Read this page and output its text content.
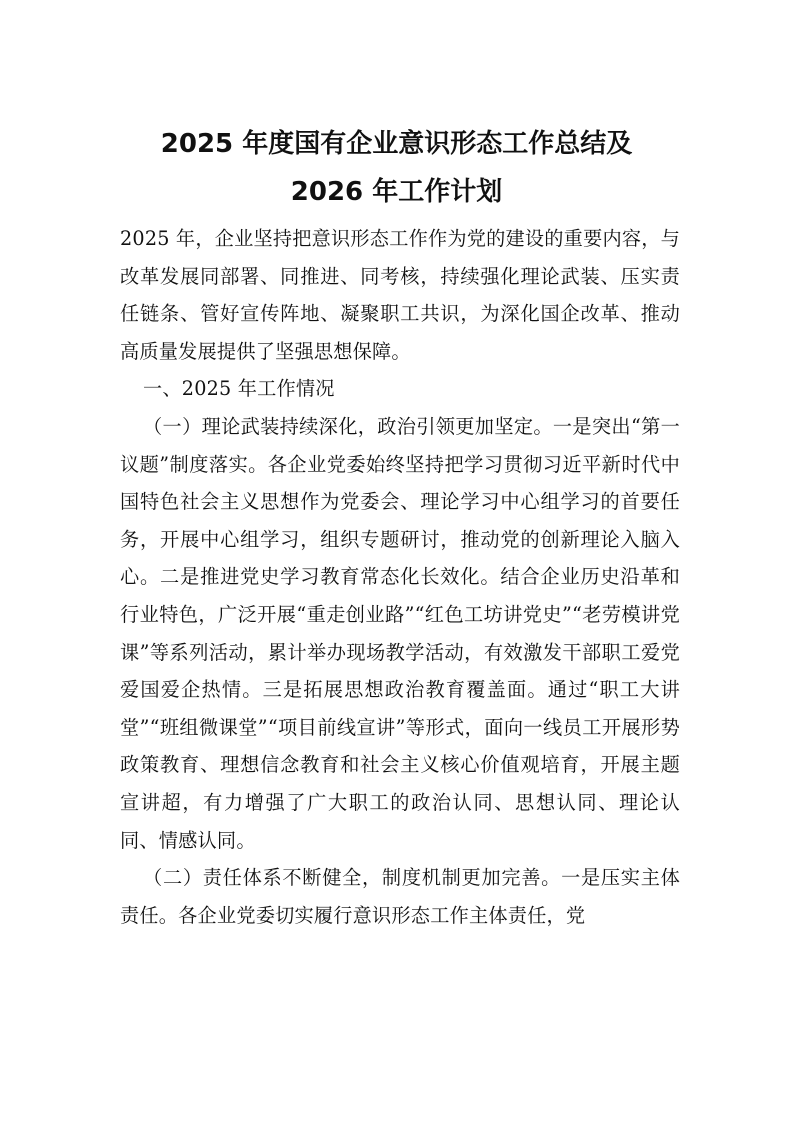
2025 年度国有企业意识形态工作总结及
2026 年工作计划

2025 年，企业坚持把意识形态工作作为党的建设的重要内容，与改革发展同部署、同推进、同考核，持续强化理论武装、压实责任链条、管好宣传阵地、凝聚职工共识，为深化国企改革、推动高质量发展提供了坚强思想保障。

一、2025 年工作情况

（一）理论武装持续深化，政治引领更加坚定。一是突出“第一议题”制度落实。各企业党委始终坚持把学习贯彻习近平新时代中国特色社会主义思想作为党委会、理论学习中心组学习的首要任务，开展中心组学习，组织专题研讨，推动党的创新理论入脑入心。二是推进党史学习教育常态化长效化。结合企业历史沿革和行业特色，广泛开展“重走创业路”“红色工坊讲党史”“老劳模讲党课”等系列活动，累计举办现场教学活动，有效激发干部职工爱党爱国爱企热情。三是拓展思想政治教育覆盖面。通过“职工大讲堂”“班组微课堂”“项目前线宣讲”等形式，面向一线员工开展形势政策教育、理想信念教育和社会主义核心价值观培育，开展主题宣讲超，有力增强了广大职工的政治认同、思想认同、理论认同、情感认同。

（二）责任体系不断健全，制度机制更加完善。一是压实主体责任。各企业党委切实履行意识形态工作主体责任，党
